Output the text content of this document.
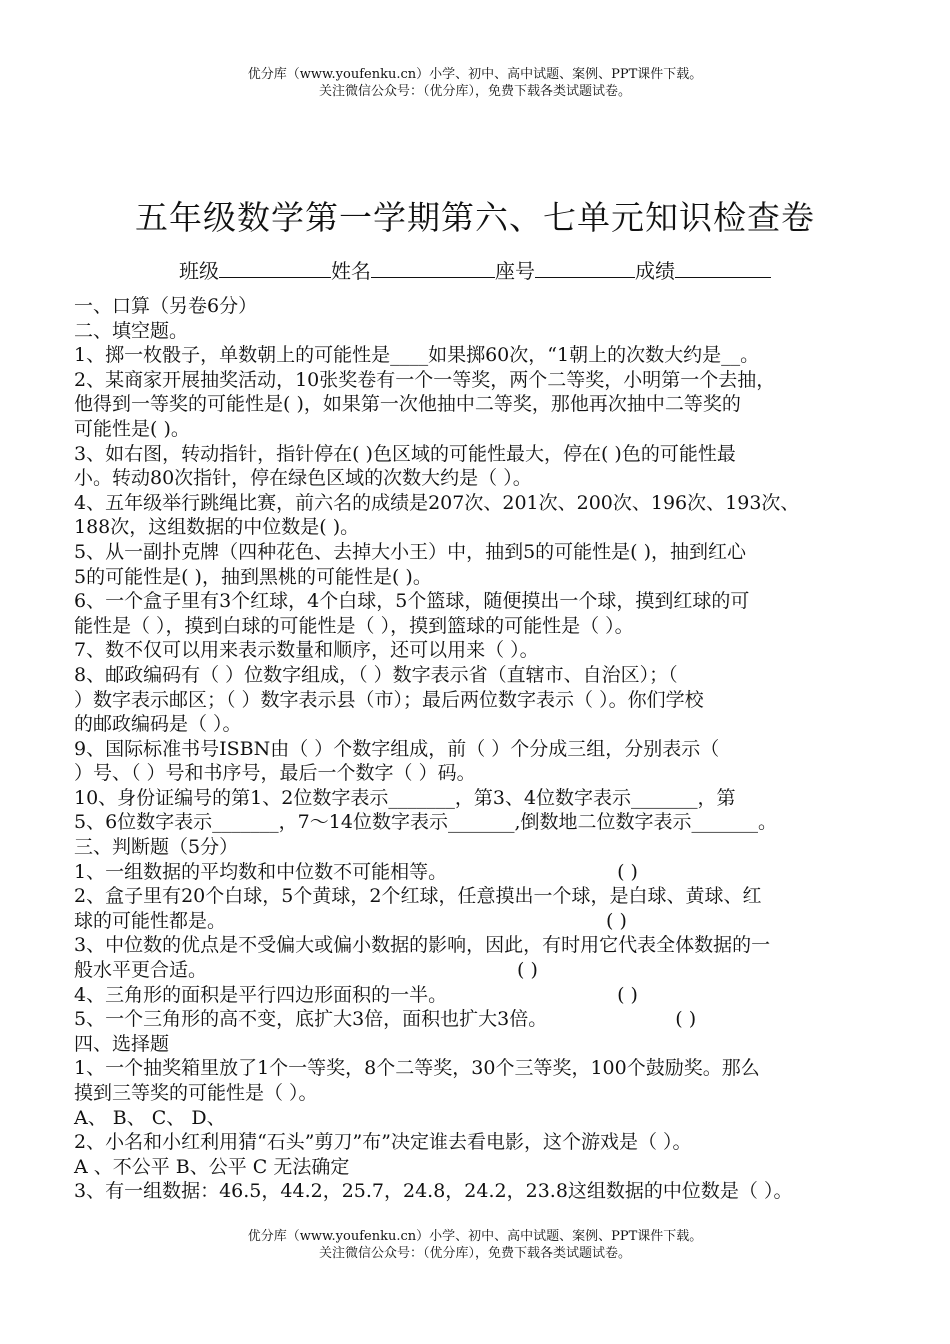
优分库（www.youfenku.cn）小学、初中、高中试题、案例、PPT课件下载。
关注微信公众号：（优分库），免费下载各类试题试卷。
五年级数学第一学期第六、七单元知识检查卷
班级	姓名	座号	成绩

一、口算（另卷6分）

二、填空题。

1、掷一枚骰子，单数朝上的可能性是____如果掷60次，“1朝上的次数大约是__。

2、某商家开展抽奖活动，10张奖卷有一个一等奖，两个二等奖，小明第一个去抽，

他得到一等奖的可能性是( )，如果第一次他抽中二等奖，那他再次抽中二等奖的

可能性是( )。

3、如右图，转动指针，指针停在( )色区域的可能性最大，停在( )色的可能性最

小。转动80次指针，停在绿色区域的次数大约是（ ）。

4、五年级举行跳绳比赛，前六名的成绩是207次、201次、200次、196次、193次、

188次，这组数据的中位数是( )。

5、从一副扑克牌（四种花色、去掉大小王）中，抽到5的可能性是( )，抽到红心

5的可能性是( )，抽到黑桃的可能性是( )。

6、一个盒子里有3个红球，4个白球，5个篮球，随便摸出一个球，摸到红球的可

能性是（ ），摸到白球的可能性是（ ），摸到篮球的可能性是（ ）。

7、数不仅可以用来表示数量和顺序，还可以用来（ ）。

8、邮政编码有（ ）位数字组成，（ ）数字表示省（直辖市、自治区）；（

）数字表示邮区；（ ）数字表示县（市）；最后两位数字表示（ ）。你们学校

的邮政编码是（ ）。

9、国际标准书号ISBN由（ ）个数字组成，前（ ）个分成三组，分别表示（

）号、（ ）号和书序号，最后一个数字（ ）码。

10、身份证编号的第1、2位数字表示_______，第3、4位数字表示_______，第

5、6位数字表示_______，7～14位数字表示_______,倒数地二位数字表示_______。

三、判断题（5分）

1、一组数据的平均数和中位数不可能相等。	( )

2、盒子里有20个白球，5个黄球，2个红球，任意摸出一个球，是白球、黄球、红

球的可能性都是。	( )

3、中位数的优点是不受偏大或偏小数据的影响，因此，有时用它代表全体数据的一

般水平更合适。	( )

4、三角形的面积是平行四边形面积的一半。	( )

5、一个三角形的高不变，底扩大3倍，面积也扩大3倍。	( )

四、选择题

1、一个抽奖箱里放了1个一等奖，8个二等奖，30个三等奖，100个鼓励奖。那么

摸到三等奖的可能性是（ ）。

A、 B、 C、 D、

2、小名和小红利用猜“石头”剪刀”布”决定谁去看电影，这个游戏是（ ）。

A 、不公平 B、公平 C 无法确定

3、有一组数据：46.5，44.2，25.7，24.8，24.2，23.8这组数据的中位数是（ ）。

优分库（www.youfenku.cn）小学、初中、高中试题、案例、PPT课件下载。
关注微信公众号：（优分库），免费下载各类试题试卷。
